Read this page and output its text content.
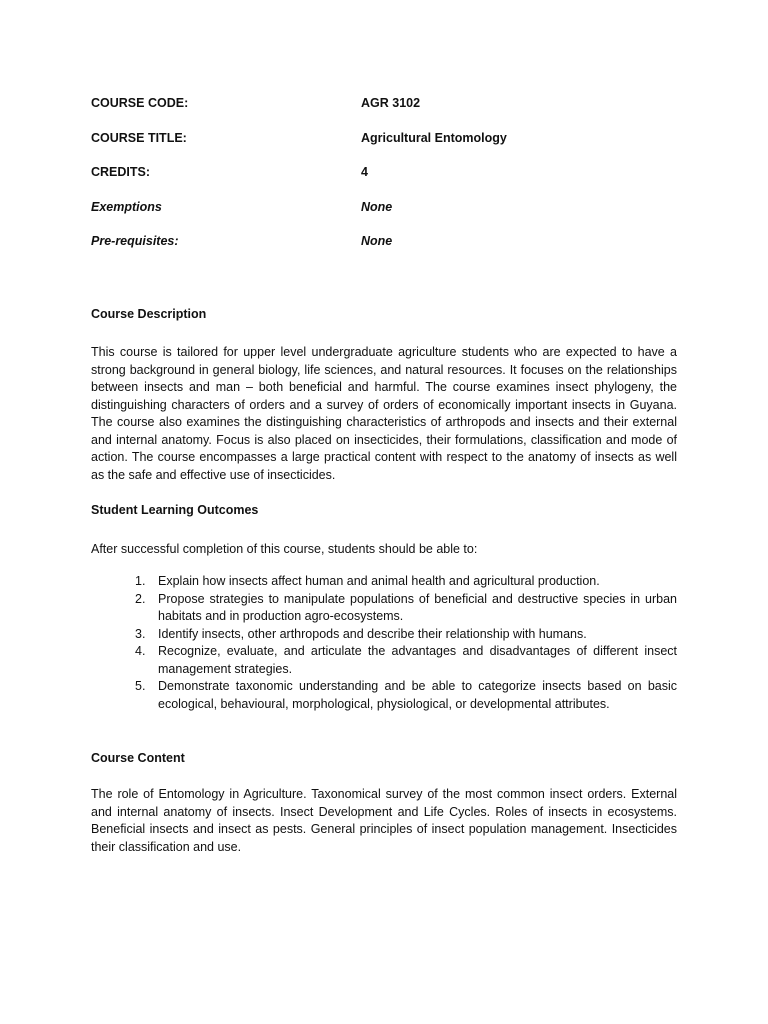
COURSE CODE:	AGR 3102
COURSE TITLE:	Agricultural Entomology
CREDITS:	4
Exemptions	None
Pre-requisites:	None
Course Description

This course is tailored for upper level undergraduate agriculture students who are expected to have a strong background in general biology, life sciences, and natural resources. It focuses on the relationships between insects and man – both beneficial and harmful. The course examines insect phylogeny, the distinguishing characters of orders and a survey of orders of economically important insects in Guyana. The course also examines the distinguishing characteristics of arthropods and insects and their external and internal anatomy. Focus is also placed on insecticides, their formulations, classification and mode of action. The course encompasses a large practical content with respect to the anatomy of insects as well as the safe and effective use of insecticides.

Student Learning Outcomes

After successful completion of this course, students should be able to:

1. Explain how insects affect human and animal health and agricultural production.
2. Propose strategies to manipulate populations of beneficial and destructive species in urban habitats and in production agro-ecosystems.
3. Identify insects, other arthropods and describe their relationship with humans.
4. Recognize, evaluate, and articulate the advantages and disadvantages of different insect management strategies.
5. Demonstrate taxonomic understanding and be able to categorize insects based on basic ecological, behavioural, morphological, physiological, or developmental attributes.
Course Content

The role of Entomology in Agriculture. Taxonomical survey of the most common insect orders. External and internal anatomy of insects. Insect Development and Life Cycles. Roles of insects in ecosystems. Beneficial insects and insect as pests. General principles of insect population management. Insecticides their classification and use.
